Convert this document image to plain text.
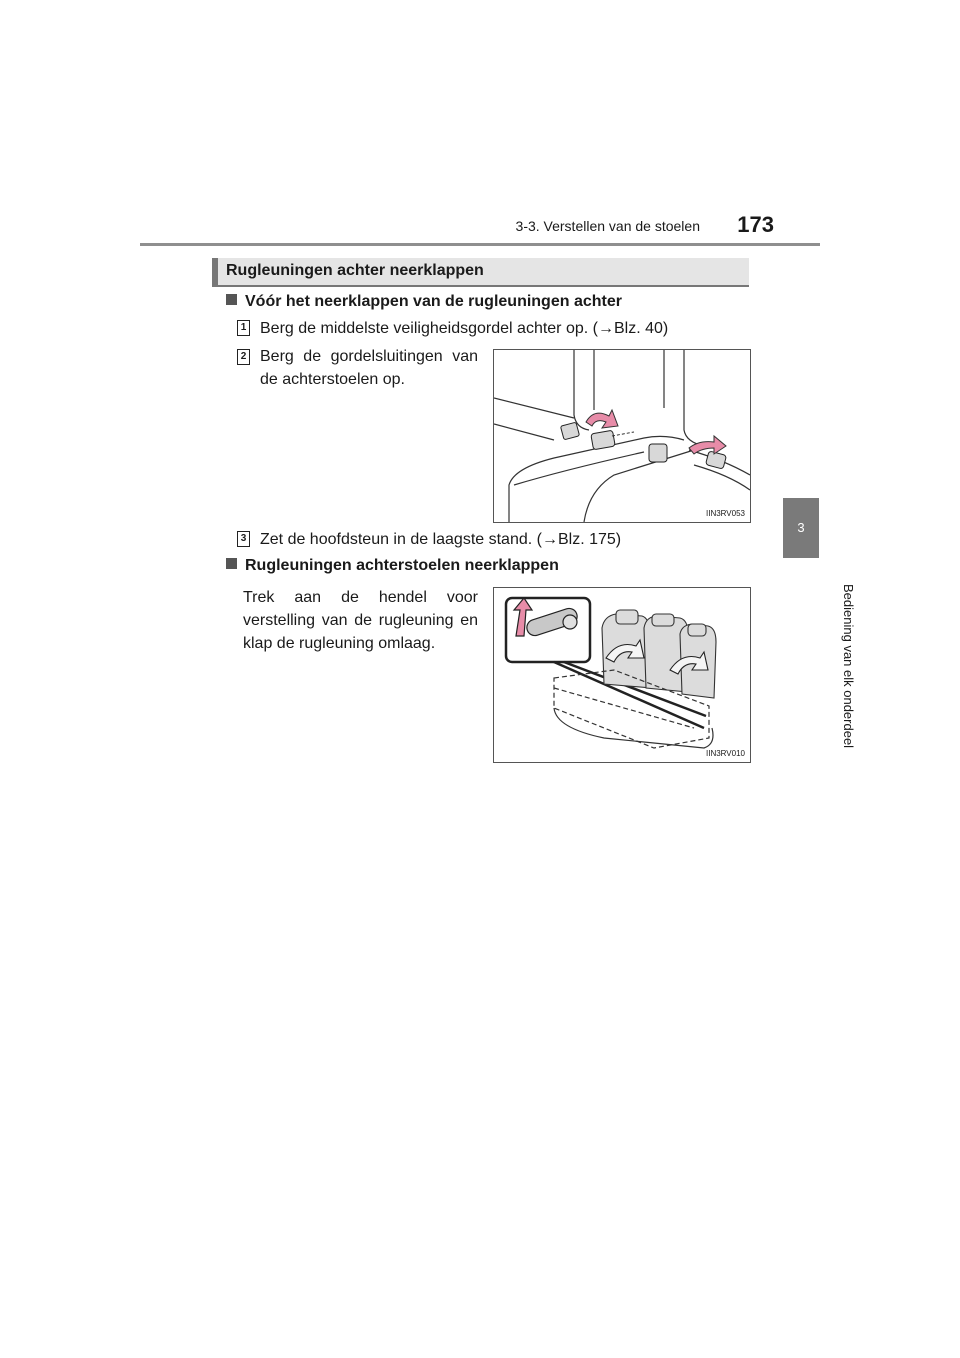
3-3. Verstellen van de stoelen	173
3
Bediening van elk onderdeel
Rugleuningen achter neerklappen
Vóór het neerklappen van de rugleuningen achter
1 Berg de middelste veiligheidsgordel achter op. (→Blz. 40)
2 Berg de gordelsluitingen van de achterstoelen op.
IIN3RV053
3 Zet de hoofdsteun in de laagste stand. (→Blz. 175)
Rugleuningen achterstoelen neerklappen
Trek aan de hendel voor verstelling van de rugleuning en klap de rugleuning omlaag.
IIN3RV010
